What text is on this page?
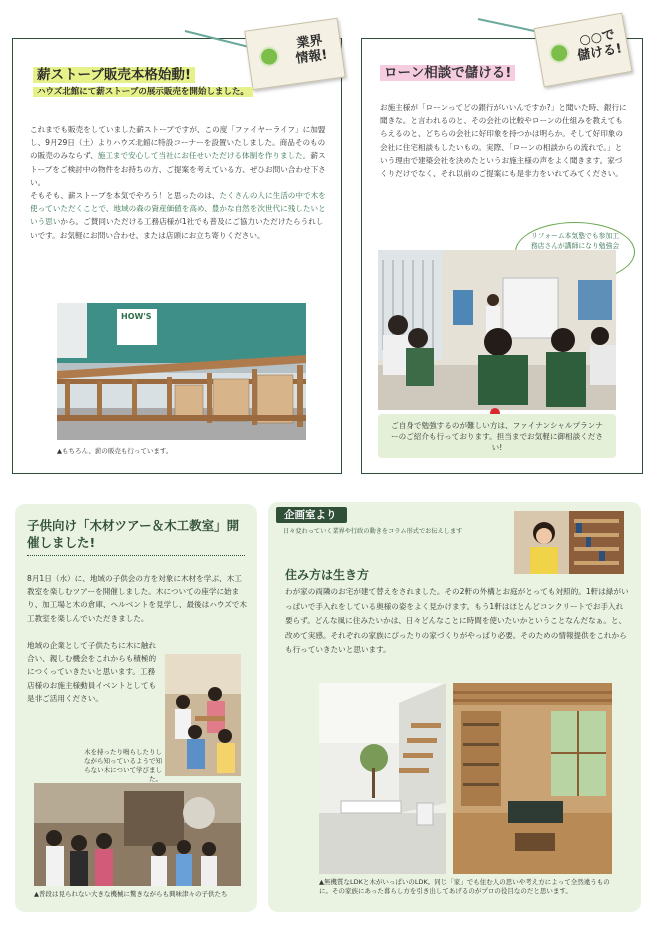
業界
情報!
薪ストーブ販売本格始動!
ハウズ北館にて薪ストーブの展示販売を開始しました。
これまでも販売をしていました薪ストーブですが、この度「ファイヤーライフ」に加盟し、9月29日（土）よりハウズ北館に特設コーナーを設置いたしました。商品そのものの販売のみならず、施工まで安心して当社にお任せいただける体制を作りました。薪ストーブをご検討中の物件をお持ちの方、ご提案を考えている方、ぜひお問い合わせ下さい。
そもそも、薪ストーブを本気でやろう！と思ったのは、たくさんの人に生活の中で木を使っていただくことで、地域の森の資産価値を高め、豊かな自然を次世代に残したいという思いから。ご賛同いただける工務店様が1社でも普及にご協力いただけたらうれしいです。お気軽にお問い合わせ、または店頭にお立ち寄りください。
HOW'S
▲もちろん、薪の販売も行っています。
○○で
儲ける!
ローン相談で儲ける!
お施主様が「ローンってどの銀行がいいんですか?」と聞いた時、銀行に聞きな。と言われるのと、その会社の比較やローンの仕組みを教えてもらえるのと、どちらの会社に好印象を持つかは明らか。そして好印象の会社に住宅相談もしたいもの。実際、「ローンの相談からの流れで。」という理由で建築会社を決めたというお施主様の声をよく聞きます。家づくりだけでなく、それ以前のご提案にも是非力をいれてみてください。
リフォーム本気塾でも参加工務店さんが講師になり勉強会
ご自身で勉強するのが難しい方は、ファイナンシャルプランナーのご紹介も行っております。担当までお気軽に御相談ください!
子供向け「木材ツアー＆木工教室」開催しました!
8月1日（水）に、地域の子供会の方を対象に木材を学ぶ、木工教室を楽しむツアーを開催しました。木についての座学に始まり、加工場と木の倉庫、ヘルベントを見学し、最後はハウズで木工教室を楽しんでいただきました。
地域の企業として子供たちに木に触れ合い、親しむ機会をこれからも積極的につくっていきたいと思います。工務店様のお施主様動員イベントとしても是非ご活用ください。
木を持ったり鳴らしたりしながら知っているようで知らない木について学びました。
▲普段は見られない大きな機械に驚きながらも興味津々の子供たち
企画室より
日々変わっていく業界や行政の動きをコラム形式でお伝えします
住み方は生き方
わが家の両隣のお宅が建て替えをされました。その2軒の外構とお庭がとっても対照的。1軒は緑がいっぱいで手入れをしている奥様の姿をよく見かけます。もう1軒はほとんどコンクリートでお手入れ要らず。どんな風に住みたいかは、日々どんなことに時間を使いたいかということなんだなぁ。と、改めて実感。それぞれの家族にぴったりの家づくりがやっぱり必要。そのための情報提供をこれからも行っていきたいと思います。
▲無機質なLDKと木がいっぱいのLDK。同じ「家」でも住む人の思いや考え方によって全然違うものに。その家族にあった暮らし方を引き出してあげるのがプロの役目なのだと思います。
